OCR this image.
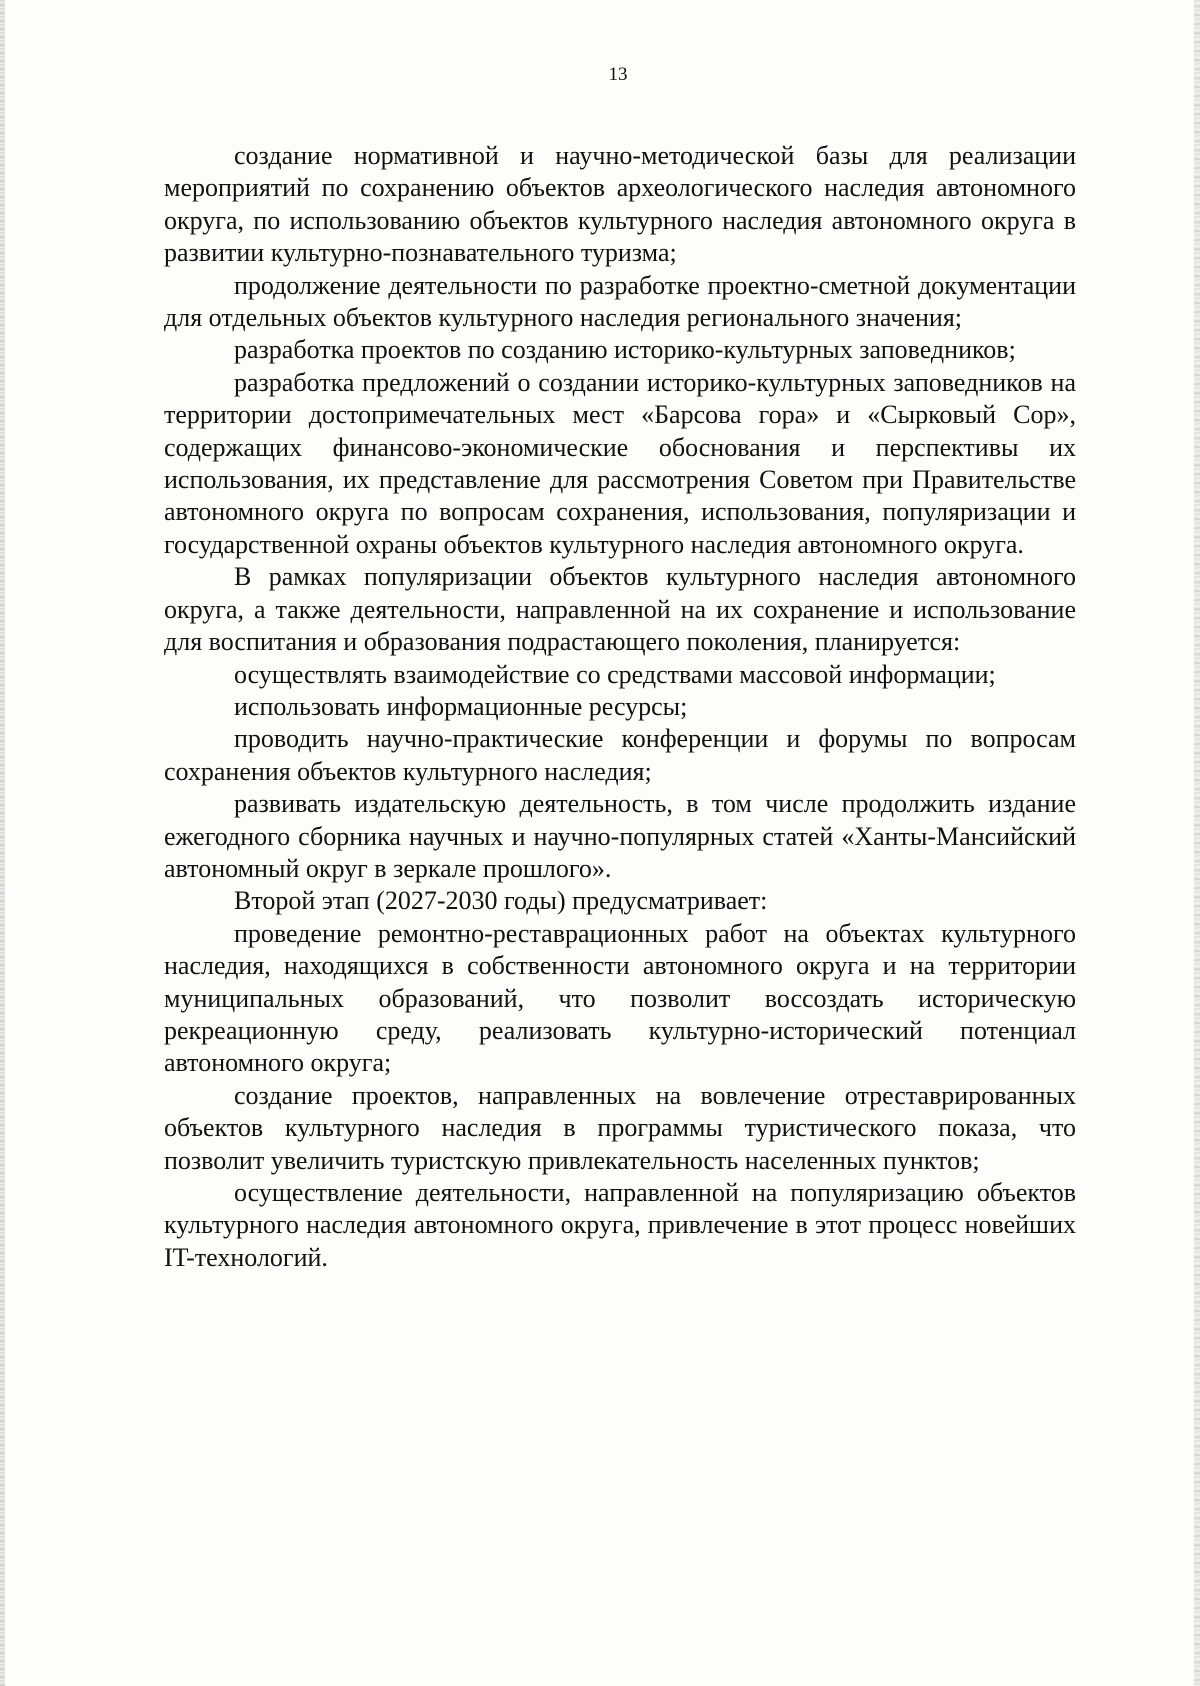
13

создание нормативной и научно-методической базы для реализации мероприятий по сохранению объектов археологического наследия автономного округа, по использованию объектов культурного наследия автономного округа в развитии культурно-познавательного туризма;

продолжение деятельности по разработке проектно-сметной документации для отдельных объектов культурного наследия регионального значения;

разработка проектов по созданию историко-культурных заповедников;

разработка предложений о создании историко-культурных заповедников на территории достопримечательных мест «Барсова гора» и «Сырковый Сор», содержащих финансово-экономические обоснования и перспективы их использования, их представление для рассмотрения Советом при Правительстве автономного округа по вопросам сохранения, использования, популяризации и государственной охраны объектов культурного наследия автономного округа.

В рамках популяризации объектов культурного наследия автономного округа, а также деятельности, направленной на их сохранение и использование для воспитания и образования подрастающего поколения, планируется:

осуществлять взаимодействие со средствами массовой информации;

использовать информационные ресурсы;

проводить научно-практические конференции и форумы по вопросам сохранения объектов культурного наследия;

развивать издательскую деятельность, в том числе продолжить издание ежегодного сборника научных и научно-популярных статей «Ханты-Мансийский автономный округ в зеркале прошлого».

Второй этап (2027-2030 годы) предусматривает:

проведение ремонтно-реставрационных работ на объектах культурного наследия, находящихся в собственности автономного округа и на территории муниципальных образований, что позволит воссоздать историческую рекреационную среду, реализовать культурно-исторический потенциал автономного округа;

создание проектов, направленных на вовлечение отреставрированных объектов культурного наследия в программы туристического показа, что позволит увеличить туристскую привлекательность населенных пунктов;

осуществление деятельности, направленной на популяризацию объектов культурного наследия автономного округа, привлечение в этот процесс новейших IT-технологий.
